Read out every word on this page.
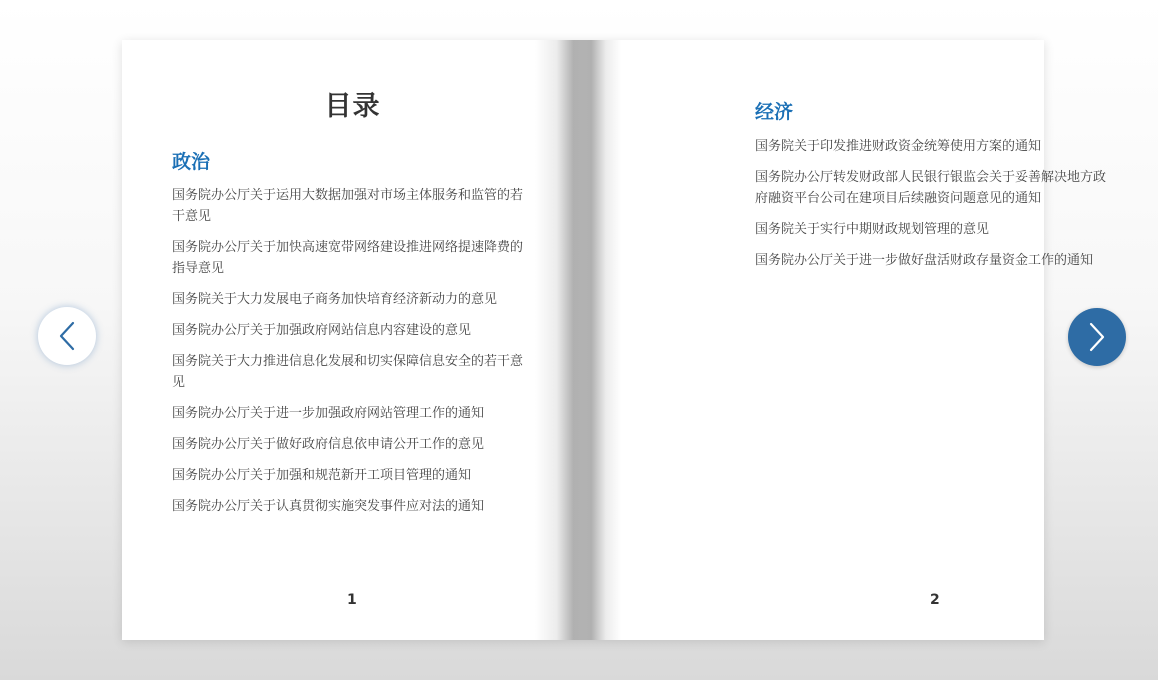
目录
政治
国务院办公厅关于运用大数据加强对市场主体服务和监管的若干意见
国务院办公厅关于加快高速宽带网络建设推进网络提速降费的指导意见
国务院关于大力发展电子商务加快培育经济新动力的意见
国务院办公厅关于加强政府网站信息内容建设的意见
国务院关于大力推进信息化发展和切实保障信息安全的若干意见
国务院办公厅关于进一步加强政府网站管理工作的通知
国务院办公厅关于做好政府信息依申请公开工作的意见
国务院办公厅关于加强和规范新开工项目管理的通知
国务院办公厅关于认真贯彻实施突发事件应对法的通知
1
经济
国务院关于印发推进财政资金统筹使用方案的通知
国务院办公厅转发财政部人民银行银监会关于妥善解决地方政府融资平台公司在建项目后续融资问题意见的通知
国务院关于实行中期财政规划管理的意见
国务院办公厅关于进一步做好盘活财政存量资金工作的通知
2
